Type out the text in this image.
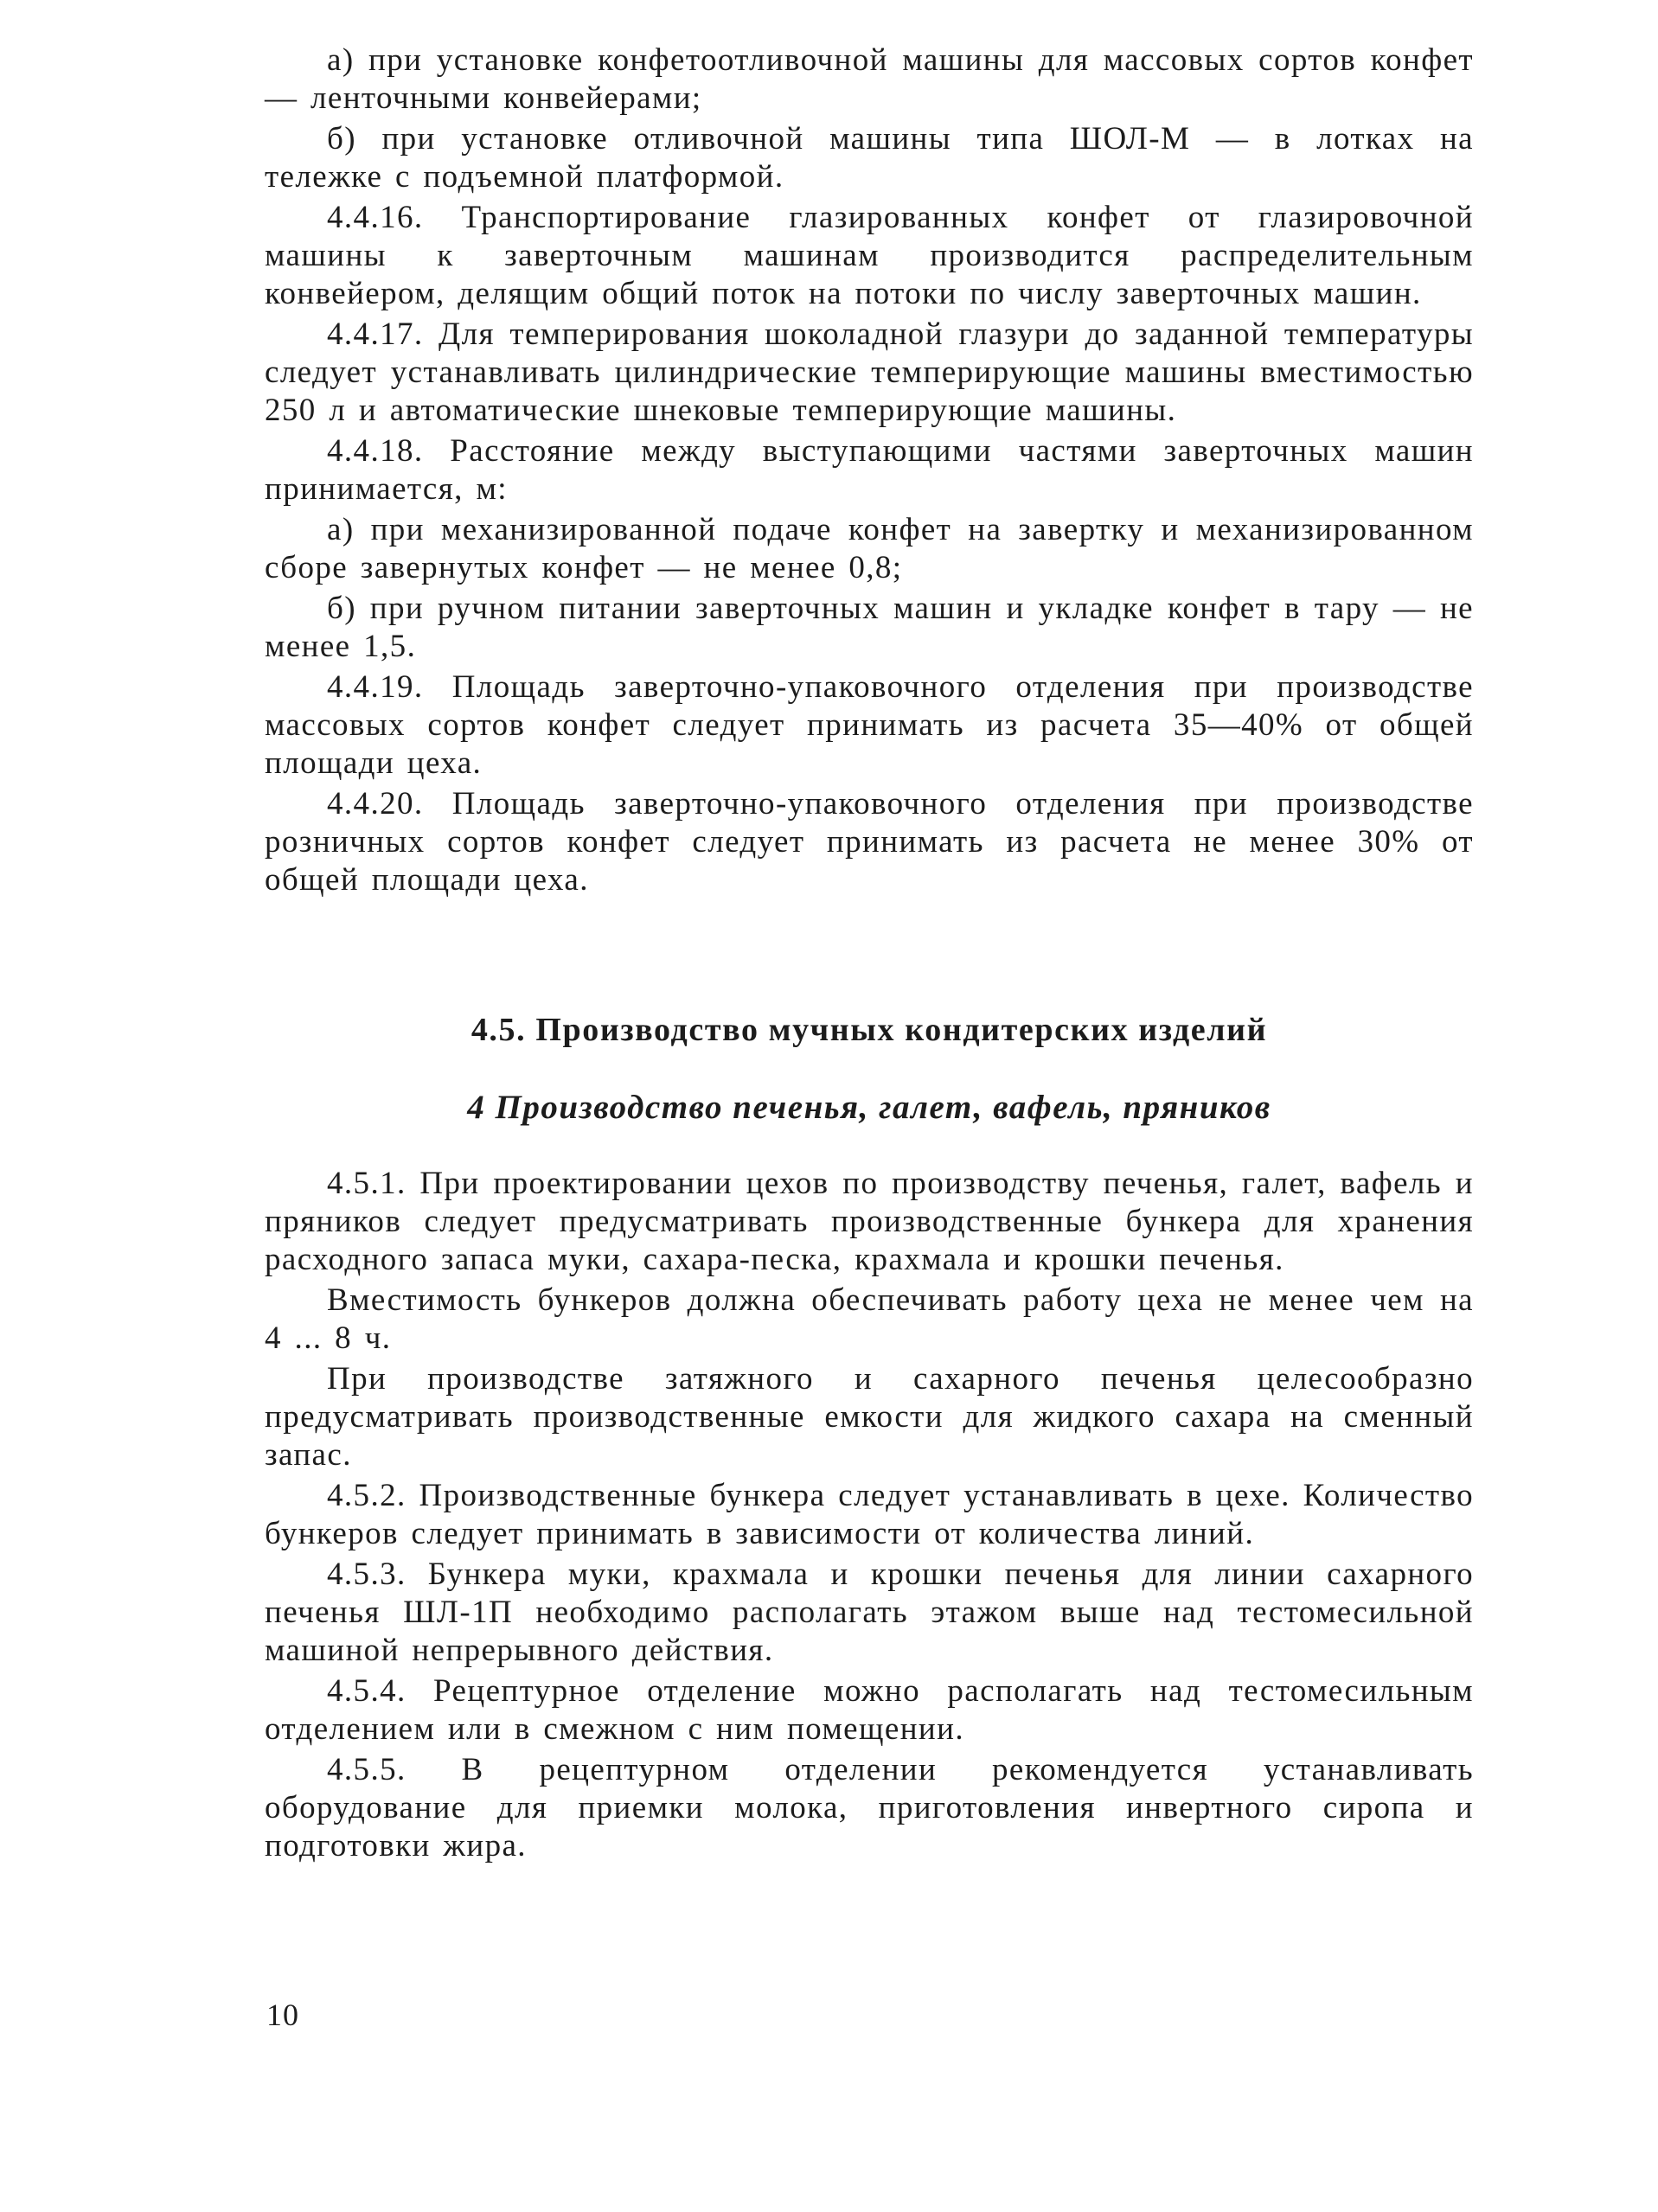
а) при установке конфетоотливочной машины для массовых сортов конфет — ленточными конвейерами;

б) при установке отливочной машины типа ШОЛ-М — в лотках на тележке с подъемной платформой.

4.4.16. Транспортирование глазированных конфет от глазировочной машины к заверточным машинам производится распределительным конвейером, делящим общий поток на потоки по числу заверточных машин.

4.4.17. Для темперирования шоколадной глазури до заданной температуры следует устанавливать цилиндрические темперирующие машины вместимостью 250 л и автоматические шнековые темперирующие машины.

4.4.18. Расстояние между выступающими частями заверточных машин принимается, м:

а) при механизированной подаче конфет на завертку и механизированном сборе завернутых конфет — не менее 0,8;

б) при ручном питании заверточных машин и укладке конфет в тару — не менее 1,5.

4.4.19. Площадь заверточно-упаковочного отделения при производстве массовых сортов конфет следует принимать из расчета 35—40% от общей площади цеха.

4.4.20. Площадь заверточно-упаковочного отделения при производстве розничных сортов конфет следует принимать из расчета не менее 30% от общей площади цеха.

4.5. Производство мучных кондитерских изделий
4 Производство печенья, галет, вафель, пряников

4.5.1. При проектировании цехов по производству печенья, галет, вафель и пряников следует предусматривать производственные бункера для хранения расходного запаса муки, сахара-песка, крахмала и крошки печенья.

Вместимость бункеров должна обеспечивать работу цеха не менее чем на 4 ... 8 ч.

При производстве затяжного и сахарного печенья целесообразно предусматривать производственные емкости для жидкого сахара на сменный запас.

4.5.2. Производственные бункера следует устанавливать в цехе. Количество бункеров следует принимать в зависимости от количества линий.

4.5.3. Бункера муки, крахмала и крошки печенья для линии сахарного печенья ШЛ-1П необходимо располагать этажом выше над тестомесильной машиной непрерывного действия.

4.5.4. Рецептурное отделение можно располагать над тестомесильным отделением или в смежном с ним помещении.

4.5.5. В рецептурном отделении рекомендуется устанавливать оборудование для приемки молока, приготовления инвертного сиропа и подготовки жира.

10
